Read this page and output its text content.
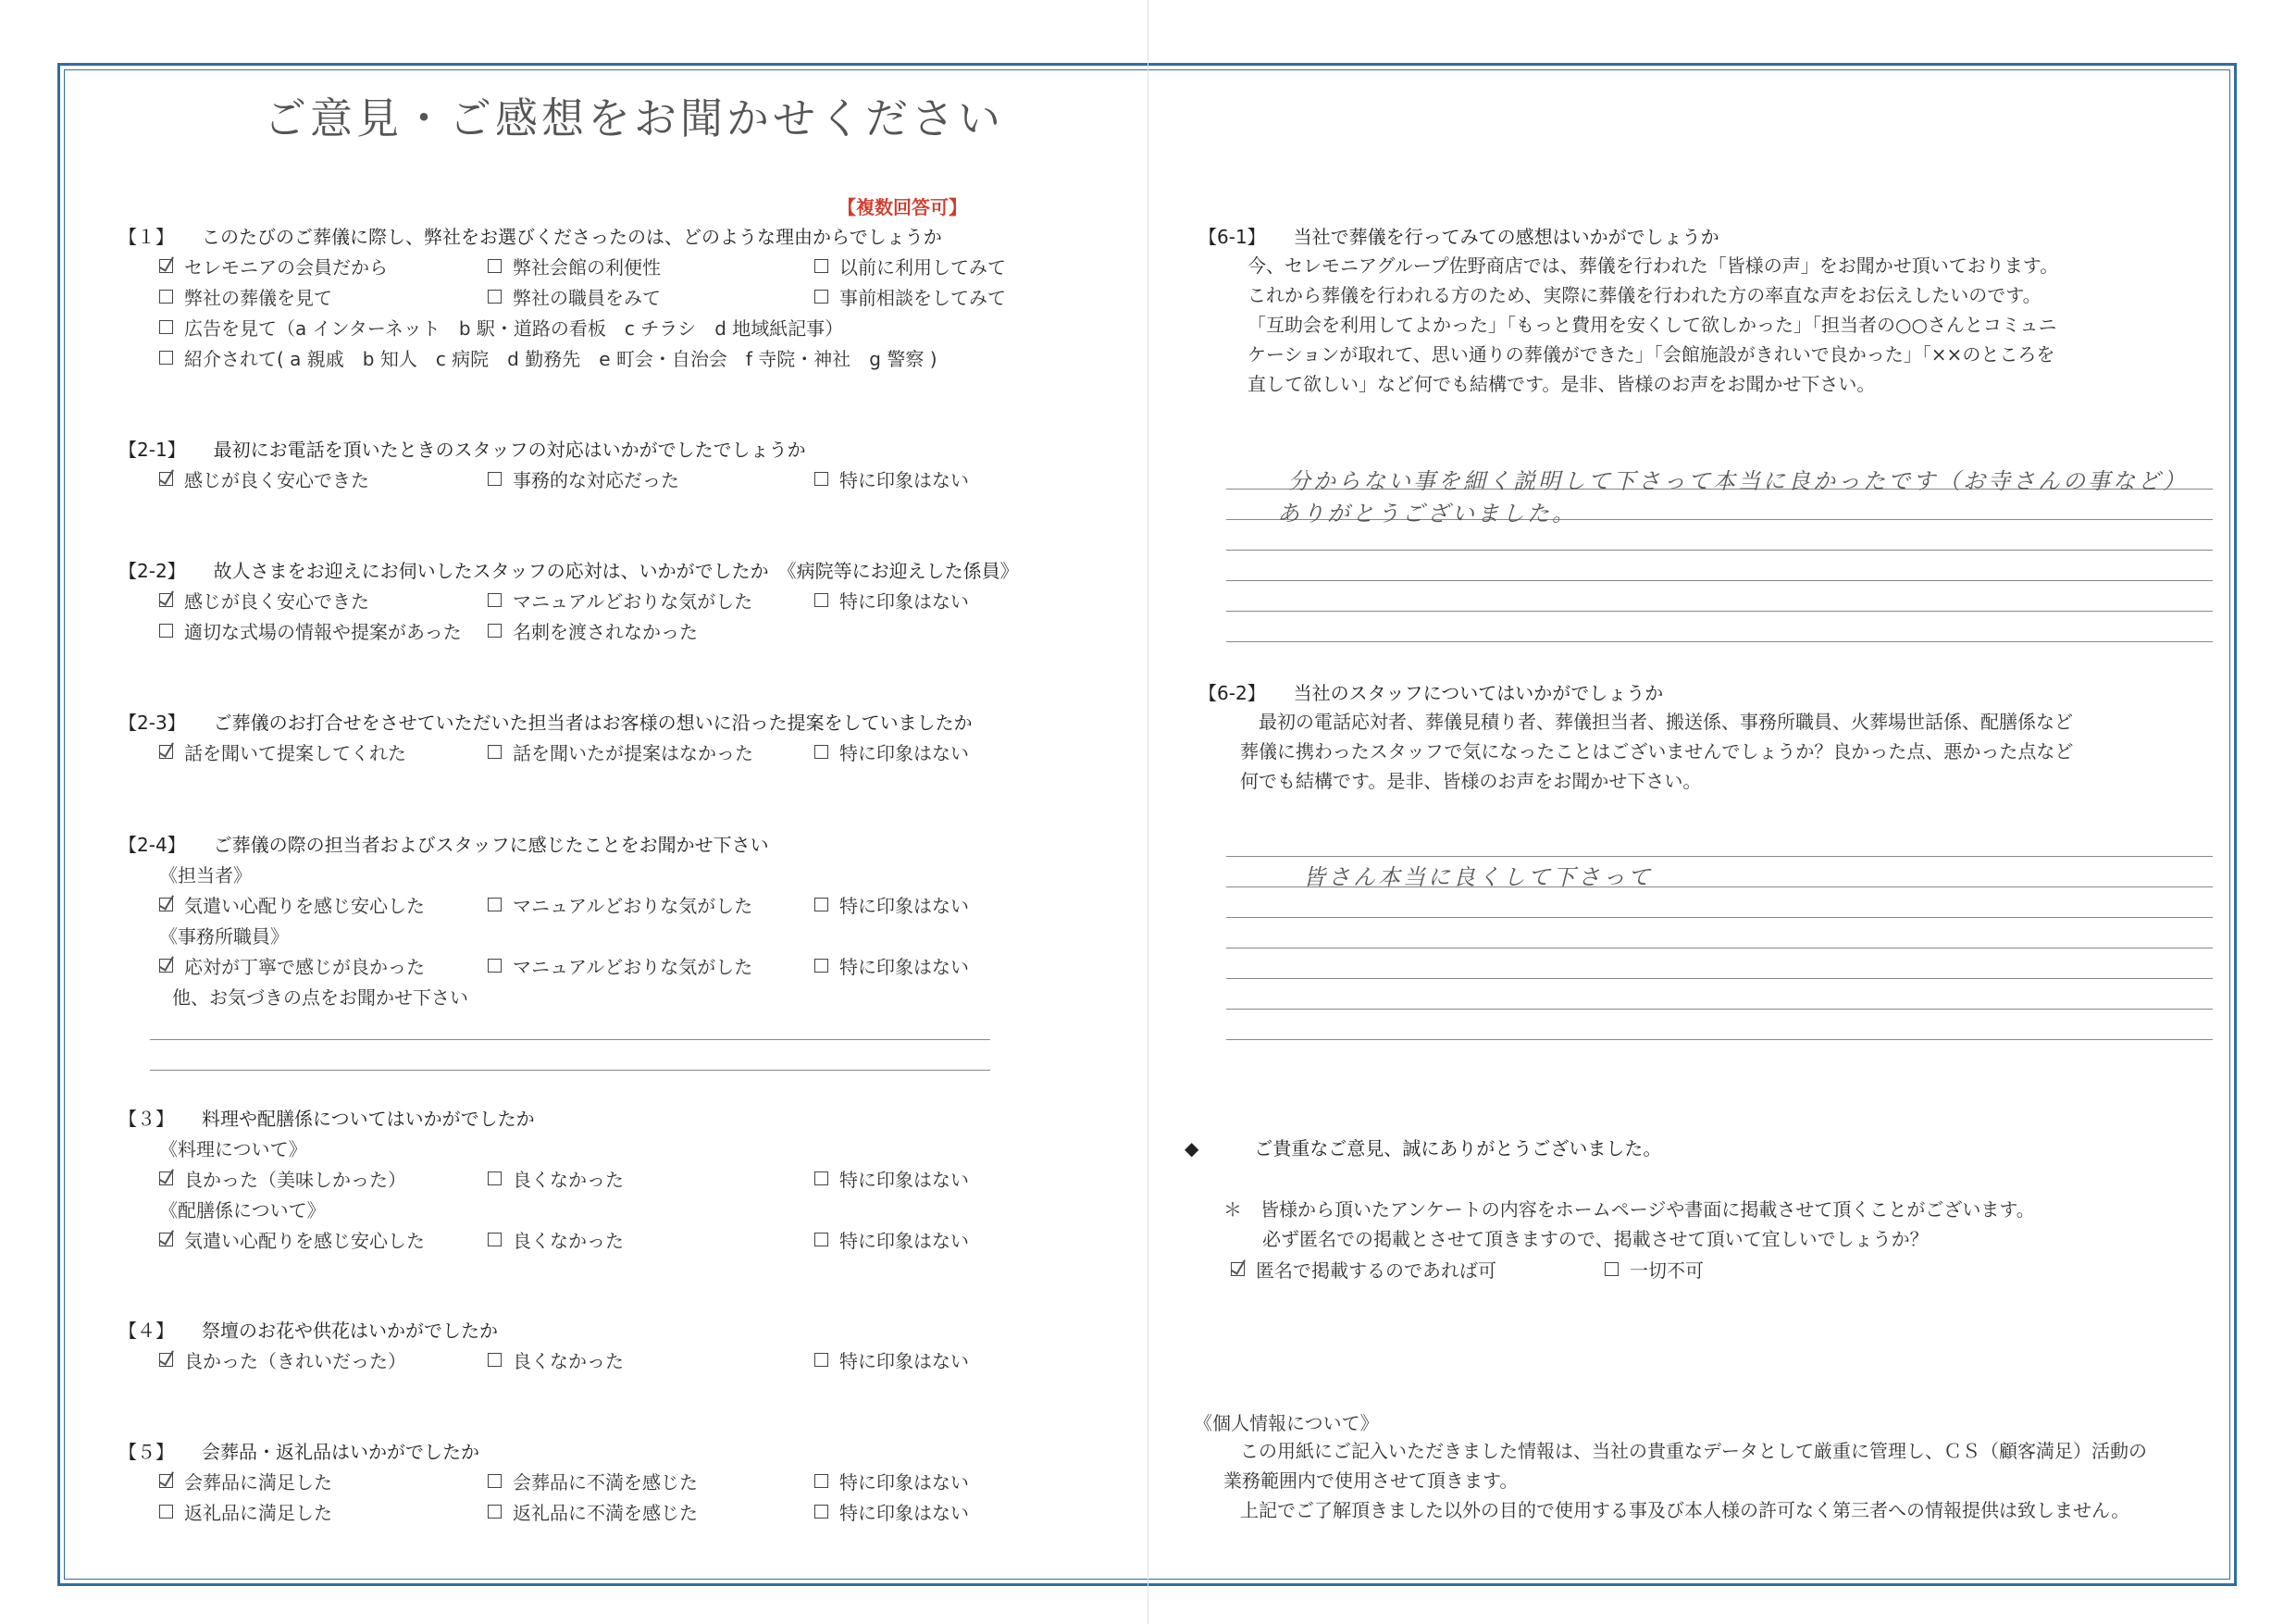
ご意見・ご感想をお聞かせください
【複数回答可】
【１】　　このたびのご葬儀に際し、弊社をお選びくださったのは、どのような理由からでしょうか
セレモニアの会員だから	弊社会館の利便性	以前に利用してみて
弊社の葬儀を見て	弊社の職員をみて	事前相談をしてみて
広告を見て（a インターネット　b 駅・道路の看板　c チラシ　d 地域紙記事）
紹介されて( a 親戚　b 知人　c 病院　d 勤務先　e 町会・自治会　f 寺院・神社　g 警察 )
【2-1】　　最初にお電話を頂いたときのスタッフの対応はいかがでしたでしょうか
感じが良く安心できた	事務的な対応だった	特に印象はない
【2-2】　　故人さまをお迎えにお伺いしたスタッフの応対は、いかがでしたか　《病院等にお迎えした係員》
感じが良く安心できた	マニュアルどおりな気がした	特に印象はない
適切な式場の情報や提案があった	名刺を渡されなかった
【2-3】　　ご葬儀のお打合せをさせていただいた担当者はお客様の想いに沿った提案をしていましたか
話を聞いて提案してくれた	話を聞いたが提案はなかった	特に印象はない
【2-4】　　ご葬儀の際の担当者およびスタッフに感じたことをお聞かせ下さい
《担当者》
気遣い心配りを感じ安心した	マニュアルどおりな気がした	特に印象はない
《事務所職員》
応対が丁寧で感じが良かった	マニュアルどおりな気がした	特に印象はない
他、お気づきの点をお聞かせ下さい
【３】　　料理や配膳係についてはいかがでしたか
《料理について》
良かった（美味しかった）	良くなかった	特に印象はない
《配膳係について》
気遣い心配りを感じ安心した	良くなかった	特に印象はない
【４】　　祭壇のお花や供花はいかがでしたか
良かった（きれいだった）	良くなかった	特に印象はない
【５】　　会葬品・返礼品はいかがでしたか
会葬品に満足した	会葬品に不満を感じた	特に印象はない
返礼品に満足した	返礼品に不満を感じた	特に印象はない
【6-1】　　当社で葬儀を行ってみての感想はいかがでしょうか
今、セレモニアグループ佐野商店では、葬儀を行われた「皆様の声」をお聞かせ頂いております。
これから葬儀を行われる方のため、実際に葬儀を行われた方の率直な声をお伝えしたいのです。
「互助会を利用してよかった」「もっと費用を安くして欲しかった」「担当者の○○さんとコミュニ
ケーションが取れて、思い通りの葬儀ができた」「会館施設がきれいで良かった」「××のところを
直して欲しい」など何でも結構です。是非、皆様のお声をお聞かせ下さい。
分からない事を細く説明して下さって本当に良かったです（お寺さんの事など）
ありがとうございました。
【6-2】　　当社のスタッフについてはいかがでしょうか
最初の電話応対者、葬儀見積り者、葬儀担当者、搬送係、事務所職員、火葬場世話係、配膳係など
葬儀に携わったスタッフで気になったことはございませんでしょうか？良かった点、悪かった点など
何でも結構です。是非、皆様のお声をお聞かせ下さい。
皆さん本当に良くして下さって
◆　　　ご貴重なご意見、誠にありがとうございました。
＊　皆様から頂いたアンケートの内容をホームページや書面に掲載させて頂くことがございます。
必ず匿名での掲載とさせて頂きますので、掲載させて頂いて宜しいでしょうか？
匿名で掲載するのであれば可	一切不可
《個人情報について》
この用紙にご記入いただきました情報は、当社の貴重なデータとして厳重に管理し、ＣＳ（顧客満足）活動の
業務範囲内で使用させて頂きます。
上記でご了解頂きました以外の目的で使用する事及び本人様の許可なく第三者への情報提供は致しません。
